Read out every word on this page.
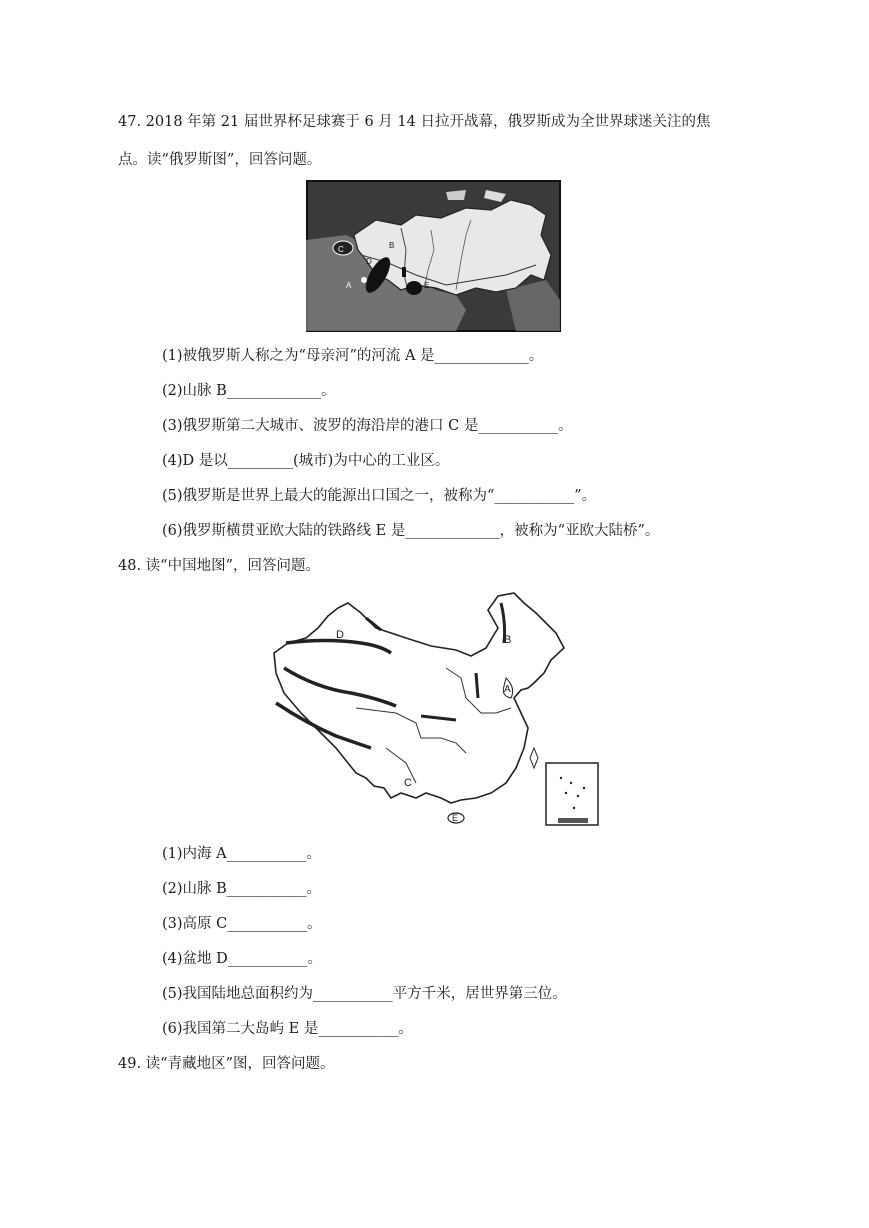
47. 2018 年第 21 届世界杯足球赛于 6 月 14 日拉开战幕，俄罗斯成为全世界球迷关注的焦
点。读“俄罗斯图”，回答问题。
C	B
E
D
A
(1)被俄罗斯人称之为“母亲河”的河流 A 是_____________。
(2)山脉 B_____________。
(3)俄罗斯第二大城市、波罗的海沿岸的港口 C 是___________。
(4)D 是以_________(城市)为中心的工业区。
(5)俄罗斯是世界上最大的能源出口国之一，被称为“___________”。
(6)俄罗斯横贯亚欧大陆的铁路线 E 是_____________，被称为“亚欧大陆桥”。
48. 读“中国地图”，回答问题。
D	B
A
C
E
(1)内海 A___________。
(2)山脉 B___________。
(3)高原 C___________。
(4)盆地 D___________。
(5)我国陆地总面积约为___________平方千米，居世界第三位。
(6)我国第二大岛屿 E 是___________。
49. 读“青藏地区”图，回答问题。
